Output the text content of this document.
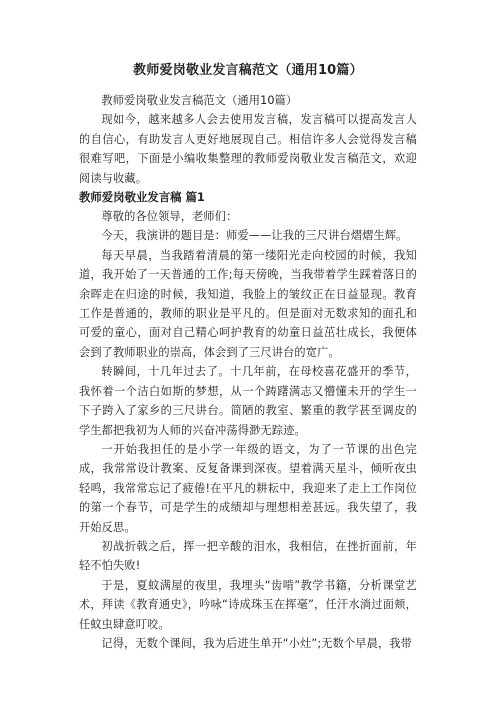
教师爱岗敬业发言稿范文（通用10篇）

教师爱岗敬业发言稿范文（通用10篇）

现如今，越来越多人会去使用发言稿，发言稿可以提高发言人的自信心，有助发言人更好地展现自己。相信许多人会觉得发言稿很难写吧，下面是小编收集整理的教师爱岗敬业发言稿范文，欢迎阅读与收藏。

教师爱岗敬业发言稿 篇1

尊敬的各位领导，老师们：

今天，我演讲的题目是：师爱——让我的三尺讲台熠熠生辉。

每天早晨，当我踏着清晨的第一缕阳光走向校园的时候，我知道，我开始了一天普通的工作;每天傍晚，当我带着学生踩着落日的余晖走在归途的时候，我知道，我脸上的皱纹正在日益显现。教育工作是普通的，教师的职业是平凡的。但是面对无数求知的面孔和可爱的童心，面对自己精心呵护教育的幼童日益茁壮成长，我便体会到了教师职业的崇高，体会到了三尺讲台的宽广。

转瞬间，十几年过去了。十几年前，在母校喜花盛开的季节，我怀着一个洁白如斯的梦想，从一个踌躇满志又懵懂未开的学生一下子跨入了家乡的三尺讲台。简陋的教室、繁重的教学甚至调皮的学生都把我初为人师的兴奋冲荡得渺无踪迹。

一开始我担任的是小学一年级的语文，为了一节课的出色完成，我常常设计教案、反复备课到深夜。望着满天星斗，倾听夜虫轻鸣，我常常忘记了疲倦!在平凡的耕耘中，我迎来了走上工作岗位的第一个春节，可是学生的成绩却与理想相差甚远。我失望了，我开始反思。

初战折戟之后，挥一把辛酸的泪水，我相信，在挫折面前，年轻不怕失败!

于是，夏蚊满屋的夜里，我埋头“齿啃”教学书籍，分析课堂艺术，拜读《教育通史》，吟咏“诗成珠玉在挥毫”，任汗水淌过面颊，任蚊虫肆意叮咬。

记得，无数个课间，我为后进生单开“小灶”;无数个早晨，我带
